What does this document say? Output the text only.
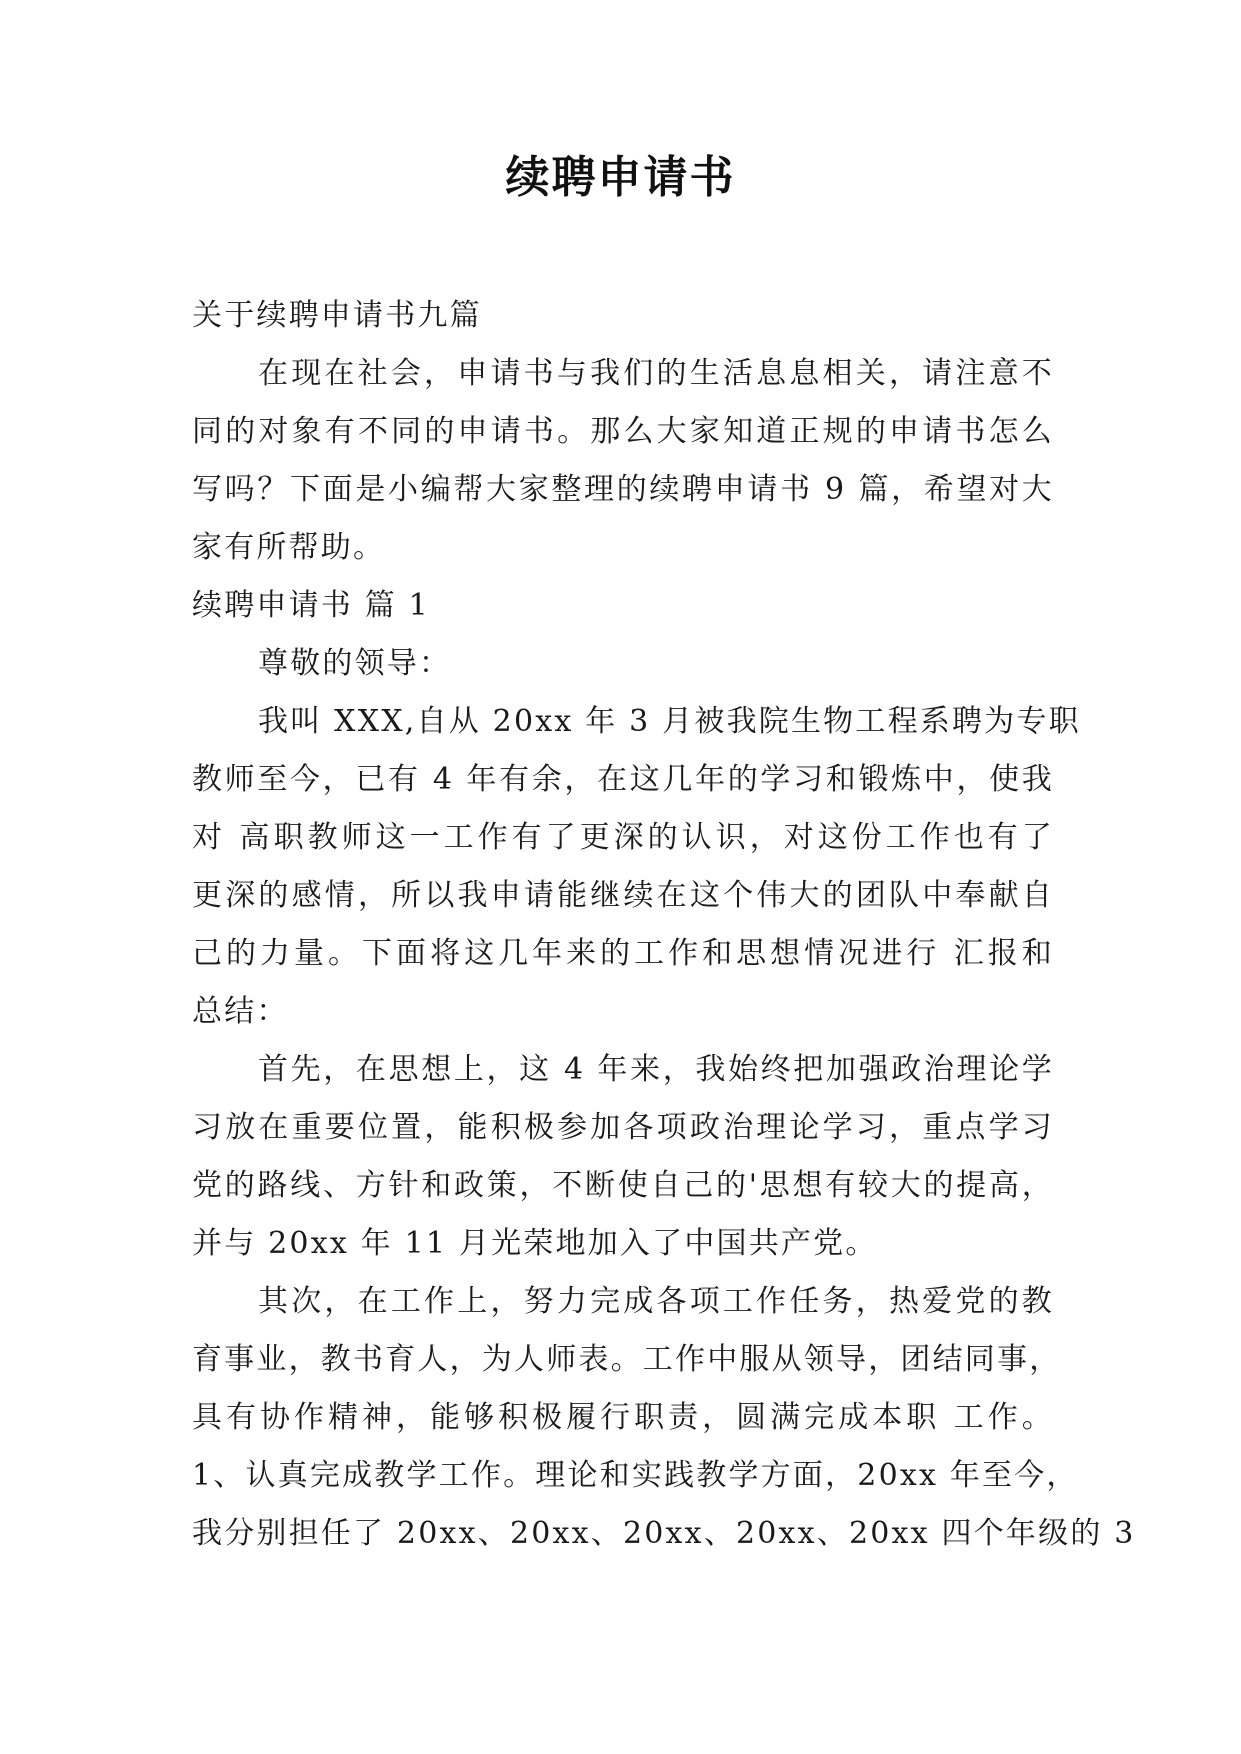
续聘申请书
关于续聘申请书九篇
在现在社会，申请书与我们的生活息息相关，请注意不
同的对象有不同的申请书。那么大家知道正规的申请书怎么
写吗？下面是小编帮大家整理的续聘申请书 9 篇，希望对大
家有所帮助。
续聘申请书 篇 1
尊敬的领导：
我叫 XXX,自从 20xx 年 3 月被我院生物工程系聘为专职
教师至今，已有 4 年有余，在这几年的学习和锻炼中，使我
对 高职教师这一工作有了更深的认识，对这份工作也有了
更深的感情，所以我申请能继续在这个伟大的团队中奉献自
己的力量。下面将这几年来的工作和思想情况进行 汇报和
总结：
首先，在思想上，这 4 年来，我始终把加强政治理论学
习放在重要位置，能积极参加各项政治理论学习，重点学习
党的路线、方针和政策，不断使自己的'思想有较大的提高，
并与 20xx 年 11 月光荣地加入了中国共产党。
其次，在工作上，努力完成各项工作任务，热爱党的教
育事业，教书育人，为人师表。工作中服从领导，团结同事，
具有协作精神，能够积极履行职责，圆满完成本职 工作。
1、认真完成教学工作。理论和实践教学方面，20xx 年至今，
我分别担任了 20xx、20xx、20xx、20xx、20xx 四个年级的 3
